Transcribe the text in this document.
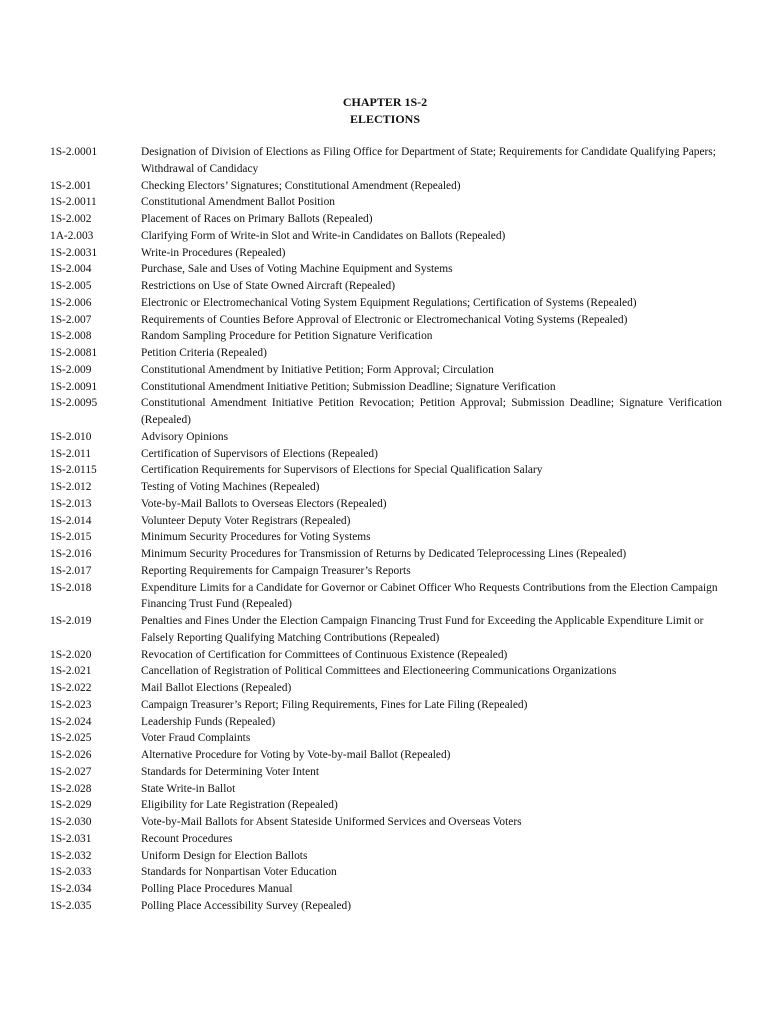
CHAPTER 1S-2
ELECTIONS
1S-2.0001	Designation of Division of Elections as Filing Office for Department of State; Requirements for Candidate Qualifying Papers; Withdrawal of Candidacy
1S-2.001	Checking Electors’ Signatures; Constitutional Amendment (Repealed)
1S-2.0011	Constitutional Amendment Ballot Position
1S-2.002	Placement of Races on Primary Ballots (Repealed)
1A-2.003	Clarifying Form of Write-in Slot and Write-in Candidates on Ballots (Repealed)
1S-2.0031	Write-in Procedures (Repealed)
1S-2.004	Purchase, Sale and Uses of Voting Machine Equipment and Systems
1S-2.005	Restrictions on Use of State Owned Aircraft (Repealed)
1S-2.006	Electronic or Electromechanical Voting System Equipment Regulations; Certification of Systems (Repealed)
1S-2.007	Requirements of Counties Before Approval of Electronic or Electromechanical Voting Systems (Repealed)
1S-2.008	Random Sampling Procedure for Petition Signature Verification
1S-2.0081	Petition Criteria (Repealed)
1S-2.009	Constitutional Amendment by Initiative Petition; Form Approval; Circulation
1S-2.0091	Constitutional Amendment Initiative Petition; Submission Deadline; Signature Verification
1S-2.0095	Constitutional Amendment Initiative Petition Revocation; Petition Approval; Submission Deadline; Signature Verification (Repealed)
1S-2.010	Advisory Opinions
1S-2.011	Certification of Supervisors of Elections (Repealed)
1S-2.0115	Certification Requirements for Supervisors of Elections for Special Qualification Salary
1S-2.012	Testing of Voting Machines (Repealed)
1S-2.013	Vote-by-Mail Ballots to Overseas Electors (Repealed)
1S-2.014	Volunteer Deputy Voter Registrars (Repealed)
1S-2.015	Minimum Security Procedures for Voting Systems
1S-2.016	Minimum Security Procedures for Transmission of Returns by Dedicated Teleprocessing Lines (Repealed)
1S-2.017	Reporting Requirements for Campaign Treasurer’s Reports
1S-2.018	Expenditure Limits for a Candidate for Governor or Cabinet Officer Who Requests Contributions from the Election Campaign Financing Trust Fund (Repealed)
1S-2.019	Penalties and Fines Under the Election Campaign Financing Trust Fund for Exceeding the Applicable Expenditure Limit or Falsely Reporting Qualifying Matching Contributions (Repealed)
1S-2.020	Revocation of Certification for Committees of Continuous Existence (Repealed)
1S-2.021	Cancellation of Registration of Political Committees and Electioneering Communications Organizations
1S-2.022	Mail Ballot Elections (Repealed)
1S-2.023	Campaign Treasurer’s Report; Filing Requirements, Fines for Late Filing (Repealed)
1S-2.024	Leadership Funds (Repealed)
1S-2.025	Voter Fraud Complaints
1S-2.026	Alternative Procedure for Voting by Vote-by-mail Ballot (Repealed)
1S-2.027	Standards for Determining Voter Intent
1S-2.028	State Write-in Ballot
1S-2.029	Eligibility for Late Registration (Repealed)
1S-2.030	Vote-by-Mail Ballots for Absent Stateside Uniformed Services and Overseas Voters
1S-2.031	Recount Procedures
1S-2.032	Uniform Design for Election Ballots
1S-2.033	Standards for Nonpartisan Voter Education
1S-2.034	Polling Place Procedures Manual
1S-2.035	Polling Place Accessibility Survey (Repealed)
